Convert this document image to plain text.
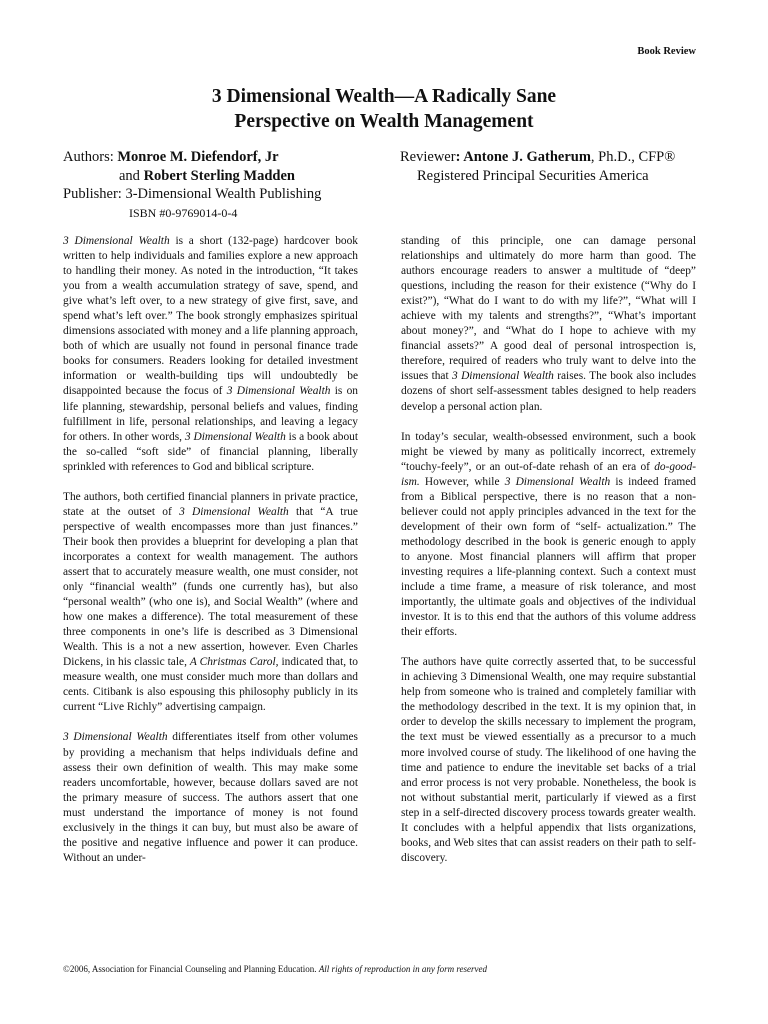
Book Review
3 Dimensional Wealth—A Radically Sane
Perspective on Wealth Management
Authors: Monroe M. Diefendorf, Jr
and Robert Sterling Madden
Publisher: 3-Dimensional Wealth Publishing
ISBN #0-9769014-0-4
Reviewer: Antone J. Gatherum, Ph.D., CFP®
Registered Principal Securities America

3 Dimensional Wealth is a short (132-page) hardcover book written to help individuals and families explore a new approach to handling their money. As noted in the introduction, “It takes you from a wealth accumulation strategy of save, spend, and give what’s left over, to a new strategy of give first, save, and spend what’s left over.” The book strongly emphasizes spiritual dimensions associated with money and a life planning approach, both of which are usually not found in personal finance trade books for consumers. Readers looking for detailed investment information or wealth-building tips will undoubtedly be disappointed because the focus of 3 Dimensional Wealth is on life planning, stewardship, personal beliefs and values, finding fulfillment in life, personal relationships, and leaving a legacy for others. In other words, 3 Dimensional Wealth is a book about the so-called “soft side” of financial planning, liberally sprinkled with references to God and biblical scripture.

The authors, both certified financial planners in private practice, state at the outset of 3 Dimensional Wealth that “A true perspective of wealth encompasses more than just finances.” Their book then provides a blueprint for developing a plan that incorporates a context for wealth management. The authors assert that to accurately measure wealth, one must consider, not only “financial wealth” (funds one currently has), but also “personal wealth” (who one is), and Social Wealth” (where and how one makes a difference). The total measurement of these three components in one’s life is described as 3 Dimensional Wealth. This is a not a new assertion, however. Even Charles Dickens, in his classic tale, A Christmas Carol, indicated that, to measure wealth, one must consider much more than dollars and cents. Citibank is also espousing this philosophy publicly in its current “Live Richly” advertising campaign.

3 Dimensional Wealth differentiates itself from other volumes by providing a mechanism that helps individuals define and assess their own definition of wealth. This may make some readers uncomfortable, however, because dollars saved are not the primary measure of success. The authors assert that one must understand the importance of money is not found exclusively in the things it can buy, but must also be aware of the positive and negative influence and power it can produce. Without an under-

standing of this principle, one can damage personal relationships and ultimately do more harm than good. The authors encourage readers to answer a multitude of “deep” questions, including the reason for their existence (“Why do I exist?”), “What do I want to do with my life?”, “What will I achieve with my talents and strengths?”, “What’s important about money?”, and “What do I hope to achieve with my financial assets?” A good deal of personal introspection is, therefore, required of readers who truly want to delve into the issues that 3 Dimensional Wealth raises. The book also includes dozens of short self-assessment tables designed to help readers develop a personal action plan.

In today’s secular, wealth-obsessed environment, such a book might be viewed by many as politically incorrect, extremely “touchy-feely”, or an out-of-date rehash of an era of do-good-ism. However, while 3 Dimensional Wealth is indeed framed from a Biblical perspective, there is no reason that a non-believer could not apply principles advanced in the text for the development of their own form of “self- actualization.” The methodology described in the book is generic enough to apply to anyone. Most financial planners will affirm that proper investing requires a life-planning context. Such a context must include a time frame, a measure of risk tolerance, and most importantly, the ultimate goals and objectives of the individual investor. It is to this end that the authors of this volume address their efforts.

The authors have quite correctly asserted that, to be successful in achieving 3 Dimensional Wealth, one may require substantial help from someone who is trained and completely familiar with the methodology described in the text. It is my opinion that, in order to develop the skills necessary to implement the program, the text must be viewed essentially as a precursor to a much more involved course of study. The likelihood of one having the time and patience to endure the inevitable set backs of a trial and error process is not very probable. Nonetheless, the book is not without substantial merit, particularly if viewed as a first step in a self-directed discovery process towards greater wealth. It concludes with a helpful appendix that lists organizations, books, and Web sites that can assist readers on their path to self-discovery.

©2006, Association for Financial Counseling and Planning Education. All rights of reproduction in any form reserved
